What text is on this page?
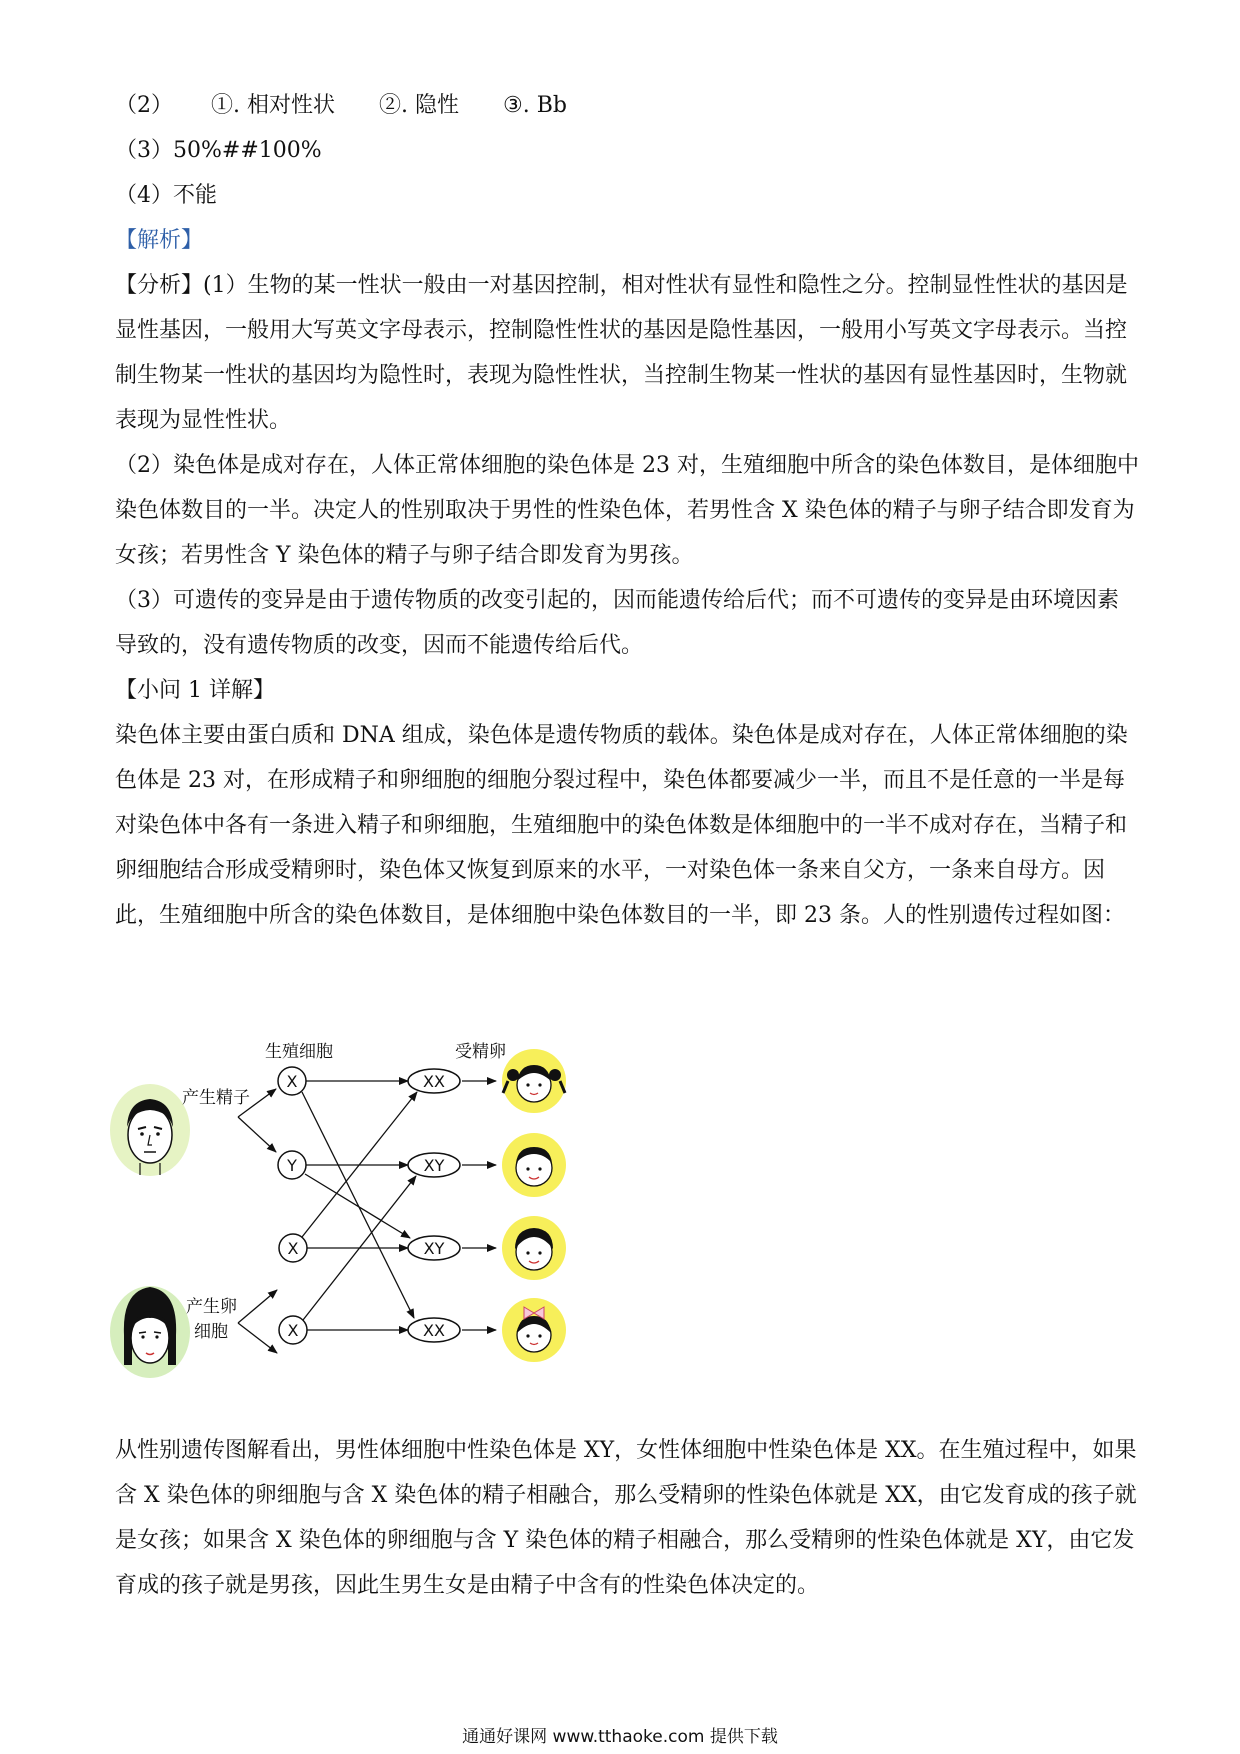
（2） ①. 相对性状 ②. 隐性 ③. Bb
（3）50%##100%
（4）不能
【解析】
【分析】(1）生物的某一性状一般由一对基因控制，相对性状有显性和隐性之分。控制显性性状的基因是
显性基因，一般用大写英文字母表示，控制隐性性状的基因是隐性基因，一般用小写英文字母表示。当控
制生物某一性状的基因均为隐性时，表现为隐性性状，当控制生物某一性状的基因有显性基因时，生物就
表现为显性性状。
（2）染色体是成对存在，人体正常体细胞的染色体是 23 对，生殖细胞中所含的染色体数目，是体细胞中
染色体数目的一半。决定人的性别取决于男性的性染色体，若男性含 X 染色体的精子与卵子结合即发育为
女孩；若男性含 Y 染色体的精子与卵子结合即发育为男孩。
（3）可遗传的变异是由于遗传物质的改变引起的，因而能遗传给后代；而不可遗传的变异是由环境因素
导致的，没有遗传物质的改变，因而不能遗传给后代。
【小问 1 详解】
染色体主要由蛋白质和 DNA 组成，染色体是遗传物质的载体。染色体是成对存在，人体正常体细胞的染
色体是 23 对，在形成精子和卵细胞的细胞分裂过程中，染色体都要减少一半，而且不是任意的一半是每
对染色体中各有一条进入精子和卵细胞，生殖细胞中的染色体数是体细胞中的一半不成对存在，当精子和
卵细胞结合形成受精卵时，染色体又恢复到原来的水平，一对染色体一条来自父方，一条来自母方。因
此，生殖细胞中所含的染色体数目，是体细胞中染色体数目的一半，即 23 条。人的性别遗传过程如图：
生殖细胞	受精卵
产生精子
产生卵
细胞
X
Y
X
X
XX
XY
XY
XX
从性别遗传图解看出，男性体细胞中性染色体是 XY，女性体细胞中性染色体是 XX。在生殖过程中，如果
含 X 染色体的卵细胞与含 X 染色体的精子相融合，那么受精卵的性染色体就是 XX，由它发育成的孩子就
是女孩；如果含 X 染色体的卵细胞与含 Y 染色体的精子相融合，那么受精卵的性染色体就是 XY，由它发
育成的孩子就是男孩，因此生男生女是由精子中含有的性染色体决定的。
通通好课网 www.tthaoke.com 提供下载
